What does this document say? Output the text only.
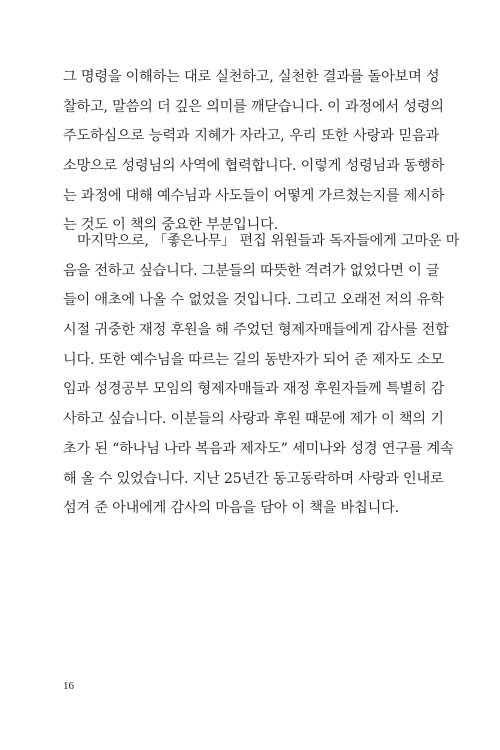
그 명령을 이해하는 대로 실천하고, 실천한 결과를 돌아보며 성
찰하고, 말씀의 더 깊은 의미를 깨닫습니다. 이 과정에서 성령의
주도하심으로 능력과 지혜가 자라고, 우리 또한 사랑과 믿음과
소망으로 성령님의 사역에 협력합니다. 이렇게 성령님과 동행하
는 과정에 대해 예수님과 사도들이 어떻게 가르쳤는지를 제시하
는 것도 이 책의 중요한 부분입니다.
마지막으로, 「좋은나무」 편집 위원들과 독자들에게 고마운 마
음을 전하고 싶습니다. 그분들의 따뜻한 격려가 없었다면 이 글
들이 애초에 나올 수 없었을 것입니다. 그리고 오래전 저의 유학
시절 귀중한 재정 후원을 해 주었던 형제자매들에게 감사를 전합
니다. 또한 예수님을 따르는 길의 동반자가 되어 준 제자도 소모
임과 성경공부 모임의 형제자매들과 재정 후원자들께 특별히 감
사하고 싶습니다. 이분들의 사랑과 후원 때문에 제가 이 책의 기
초가 된 “하나님 나라 복음과 제자도” 세미나와 성경 연구를 계속
해 올 수 있었습니다. 지난 25년간 동고동락하며 사랑과 인내로
섬겨 준 아내에게 감사의 마음을 담아 이 책을 바칩니다.
16
